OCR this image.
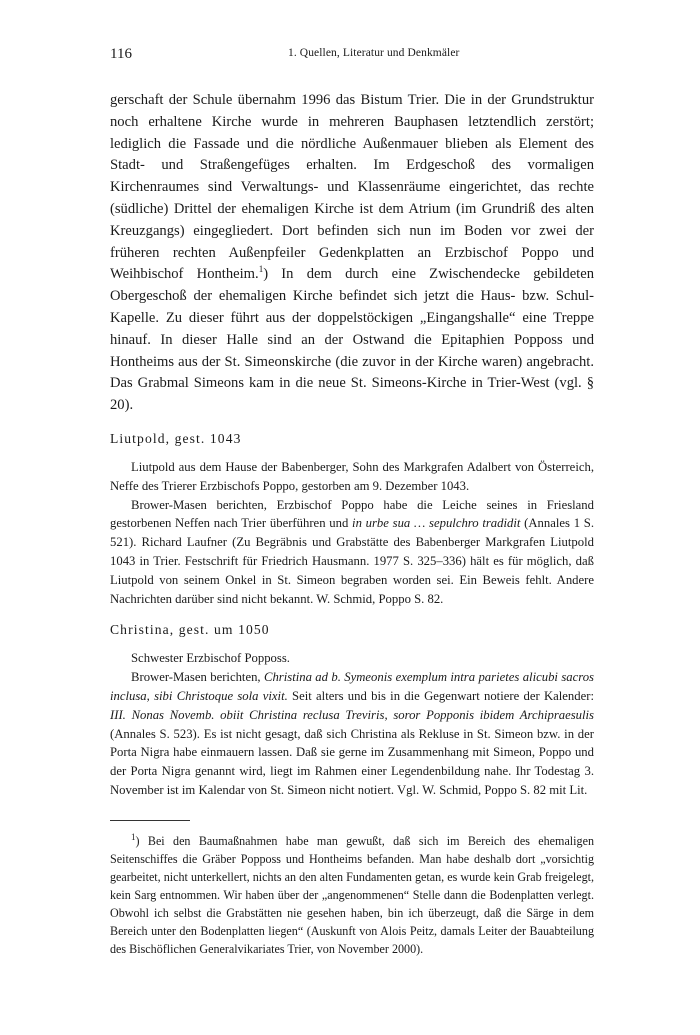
116	1. Quellen, Literatur und Denkmäler

gerschaft der Schule übernahm 1996 das Bistum Trier. Die in der Grundstruktur noch erhaltene Kirche wurde in mehreren Bauphasen letztendlich zerstört; lediglich die Fassade und die nördliche Außenmauer blieben als Element des Stadt- und Straßengefüges erhalten. Im Erdgeschoß des vormaligen Kirchenraumes sind Verwaltungs- und Klassenräume eingerichtet, das rechte (südliche) Drittel der ehemaligen Kirche ist dem Atrium (im Grundriß des alten Kreuzgangs) eingegliedert. Dort befinden sich nun im Boden vor zwei der früheren rechten Außenpfeiler Gedenkplatten an Erzbischof Poppo und Weihbischof Hontheim.$^1$) In dem durch eine Zwischendecke gebildeten Obergeschoß der ehemaligen Kirche befindet sich jetzt die Haus- bzw. Schul-Kapelle. Zu dieser führt aus der doppelstöckigen „Eingangshalle“ eine Treppe hinauf. In dieser Halle sind an der Ostwand die Epitaphien Popposs und Hontheims aus der St. Simeonskirche (die zuvor in der Kirche waren) angebracht. Das Grabmal Simeons kam in die neue St. Simeons-Kirche in Trier-West (vgl. § 20).

Liutpold, gest. 1043

Liutpold aus dem Hause der Babenberger, Sohn des Markgrafen Adalbert von Österreich, Neffe des Trierer Erzbischofs Poppo, gestorben am 9. Dezember 1043.

Brower-Masen berichten, Erzbischof Poppo habe die Leiche seines in Friesland gestorbenen Neffen nach Trier überführen und in urbe sua … sepulchro tradidit (Annales 1 S. 521). Richard Laufner (Zu Begräbnis und Grabstätte des Babenberger Markgrafen Liutpold 1043 in Trier. Festschrift für Friedrich Hausmann. 1977 S. 325–336) hält es für möglich, daß Liutpold von seinem Onkel in St. Simeon begraben worden sei. Ein Beweis fehlt. Andere Nachrichten darüber sind nicht bekannt. W. Schmid, Poppo S. 82.

Christina, gest. um 1050

Schwester Erzbischof Popposs.

Brower-Masen berichten, Christina ad b. Symeonis exemplum intra parietes alicubi sacros inclusa, sibi Christoque sola vixit. Seit alters und bis in die Gegenwart notiere der Kalender: III. Nonas Novemb. obiit Christina reclusa Treviris, soror Popponis ibidem Archipraesulis (Annales S. 523). Es ist nicht gesagt, daß sich Christina als Rekluse in St. Simeon bzw. in der Porta Nigra habe einmauern lassen. Daß sie gerne im Zusammenhang mit Simeon, Poppo und der Porta Nigra genannt wird, liegt im Rahmen einer Legendenbildung nahe. Ihr Todestag 3. November ist im Kalendar von St. Simeon nicht notiert. Vgl. W. Schmid, Poppo S. 82 mit Lit.

$^1$) Bei den Baumaßnahmen habe man gewußt, daß sich im Bereich des ehemaligen Seitenschiffes die Gräber Popposs und Hontheims befanden. Man habe deshalb dort „vorsichtig gearbeitet, nicht unterkellert, nichts an den alten Fundamenten getan, es wurde kein Grab freigelegt, kein Sarg entnommen. Wir haben über der „angenommenen“ Stelle dann die Bodenplatten verlegt. Obwohl ich selbst die Grabstätten nie gesehen haben, bin ich überzeugt, daß die Särge in dem Bereich unter den Bodenplatten liegen“ (Auskunft von Alois Peitz, damals Leiter der Bauabteilung des Bischöflichen Generalvikariates Trier, von November 2000).
